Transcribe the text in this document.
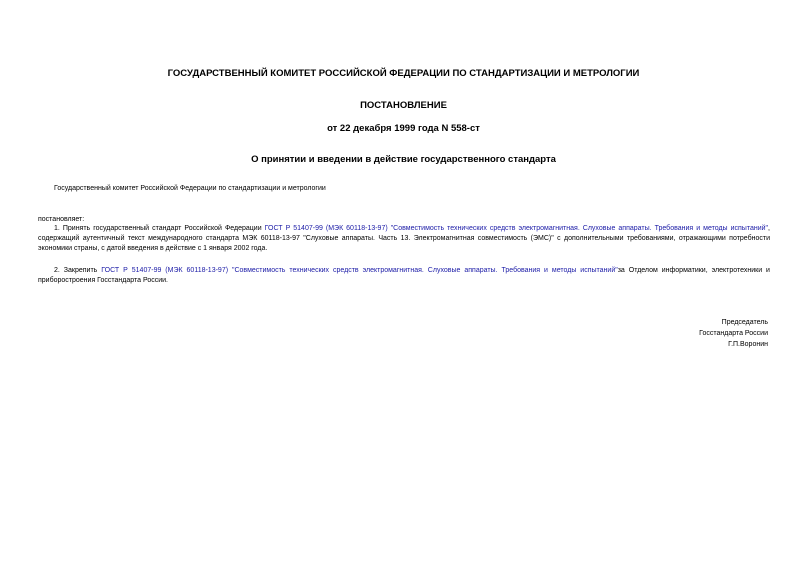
ГОСУДАРСТВЕННЫЙ КОМИТЕТ РОССИЙСКОЙ ФЕДЕРАЦИИ ПО СТАНДАРТИЗАЦИИ И МЕТРОЛОГИИ
ПОСТАНОВЛЕНИЕ
от 22 декабря 1999 года N 558-ст
О принятии и введении в действие государственного стандарта
Государственный комитет Российской Федерации по стандартизации и метрологии
постановляет:
1. Принять государственный стандарт Российской Федерации ГОСТ Р 51407-99 (МЭК 60118-13-97) "Совместимость технических средств электромагнитная. Слуховые аппараты. Требования и методы испытаний", содержащий аутентичный текст международного стандарта МЭК 60118-13-97 "Слуховые аппараты. Часть 13. Электромагнитная совместимость (ЭМС)" с дополнительными требованиями, отражающими потребности экономики страны, с датой введения в действие с 1 января 2002 года.
2. Закрепить ГОСТ Р 51407-99 (МЭК 60118-13-97) "Совместимость технических средств электромагнитная. Слуховые аппараты. Требования и методы испытаний"за Отделом информатики, электротехники и приборостроения Госстандарта России.
Председатель
Госстандарта России
Г.П.Воронин
